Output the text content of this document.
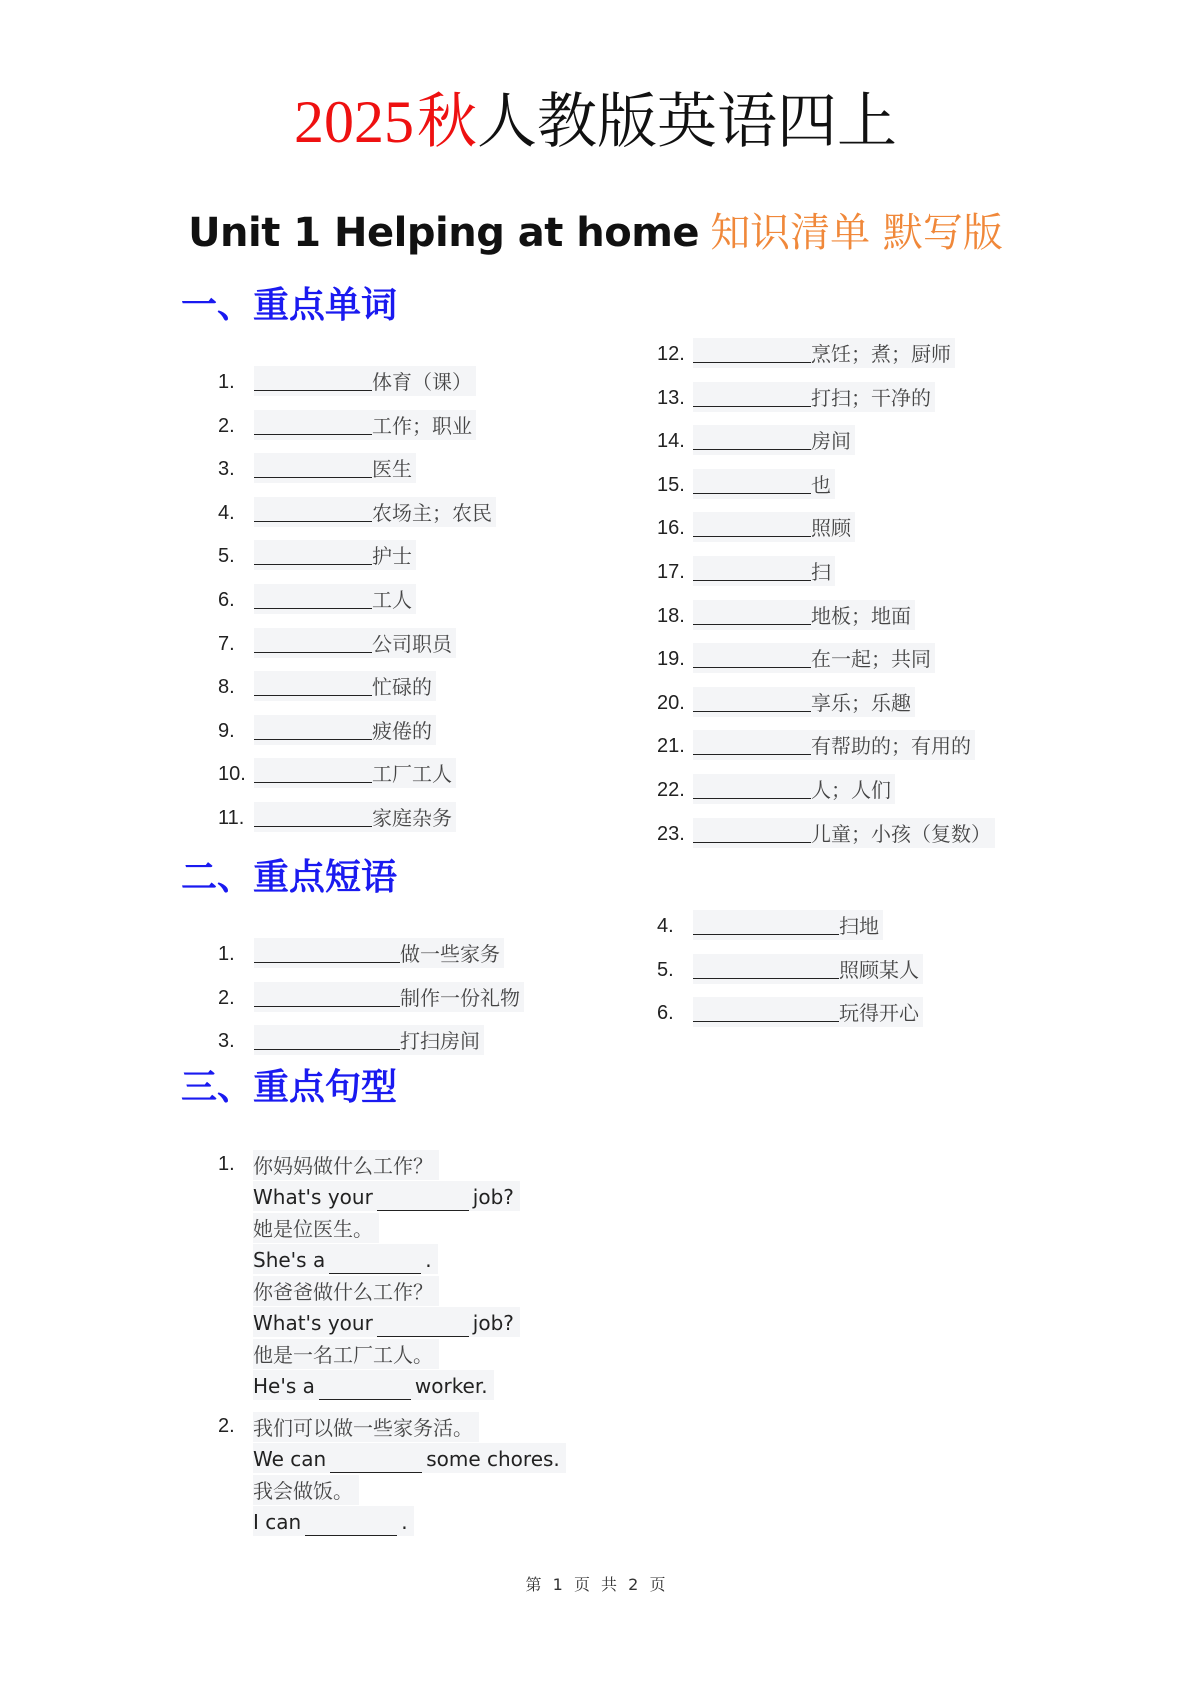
2025 秋人教版英语四上
Unit 1 Helping at home 知识清单 默写版
一、重点单词
1.	体育（课）
2.	工作；职业
3.	医生
4.	农场主；农民
5.	护士
6.	工人
7.	公司职员
8.	忙碌的
9.	疲倦的
10.	工厂工人
11.	家庭杂务
12.	烹饪；煮；厨师
13.	打扫；干净的
14.	房间
15.	也
16.	照顾
17.	扫
18.	地板；地面
19.	在一起；共同
20.	享乐；乐趣
21.	有帮助的；有用的
22.	人；人们
23.	儿童；小孩（复数）
二、重点短语
1.	做一些家务
2.	制作一份礼物
3.	打扫房间
4.	扫地
5.	照顾某人
6.	玩得开心
三、重点句型
1. 你妈妈做什么工作？
What's your	job?
她是位医生。
She's a	.
你爸爸做什么工作？
What's your	job?
他是一名工厂工人。
He's a	worker.
2. 我们可以做一些家务活。
We can	some chores.
我会做饭。
I can	.
第 1 页 共 2 页
